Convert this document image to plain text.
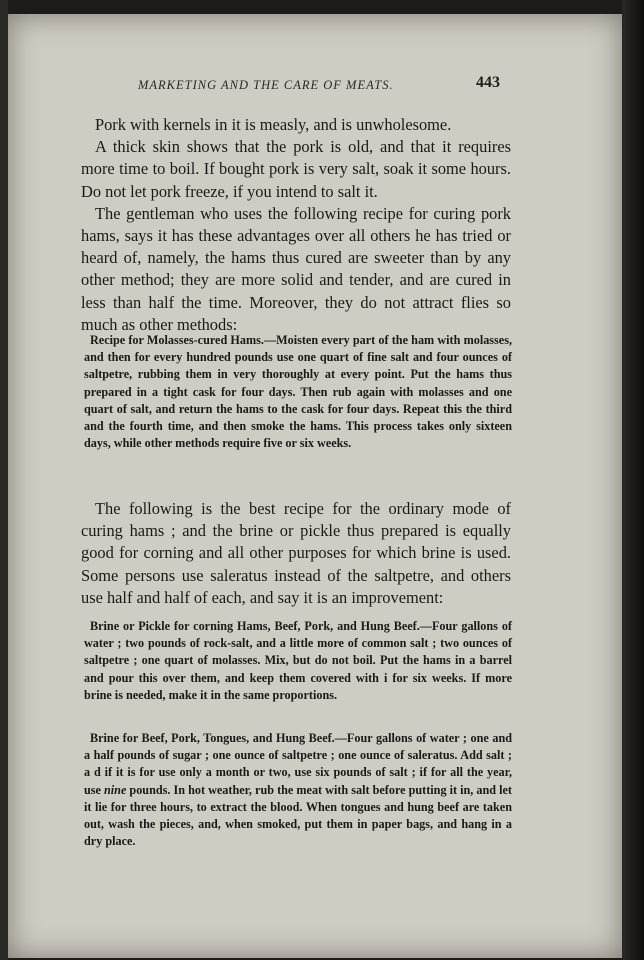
MARKETING AND THE CARE OF MEATS.	443

Pork with kernels in it is measly, and is unwholesome.

A thick skin shows that the pork is old, and that it requires more time to boil. If bought pork is very salt, soak it some hours. Do not let pork freeze, if you intend to salt it.

The gentleman who uses the following recipe for curing pork hams, says it has these advantages over all others he has tried or heard of, namely, the hams thus cured are sweeter than by any other method; they are more solid and tender, and are cured in less than half the time. Moreover, they do not attract flies so much as other methods:

Recipe for Molasses-cured Hams.—Moisten every part of the ham with molasses, and then for every hundred pounds use one quart of fine salt and four ounces of saltpetre, rubbing them in very thoroughly at every point. Put the hams thus prepared in a tight cask for four days. Then rub again with molasses and one quart of salt, and return the hams to the cask for four days. Repeat this the third and the fourth time, and then smoke the hams. This process takes only sixteen days, while other methods require five or six weeks.

The following is the best recipe for the ordinary mode of curing hams ; and the brine or pickle thus prepared is equally good for corning and all other purposes for which brine is used. Some persons use saleratus instead of the saltpetre, and others use half and half of each, and say it is an improvement:

Brine or Pickle for corning Hams, Beef, Pork, and Hung Beef.—Four gallons of water ; two pounds of rock-salt, and a little more of common salt ; two ounces of saltpetre ; one quart of molasses. Mix, but do not boil. Put the hams in a barrel and pour this over them, and keep them covered with i for six weeks. If more brine is needed, make it in the same proportions.

Brine for Beef, Pork, Tongues, and Hung Beef.—Four gallons of water ; one and a half pounds of sugar ; one ounce of saltpetre ; one ounce of saleratus. Add salt ; a d if it is for use only a month or two, use six pounds of salt ; if for all the year, use nine pounds. In hot weather, rub the meat with salt before putting it in, and let it lie for three hours, to extract the blood. When tongues and hung beef are taken out, wash the pieces, and, when smoked, put them in paper bags, and hang in a dry place.
